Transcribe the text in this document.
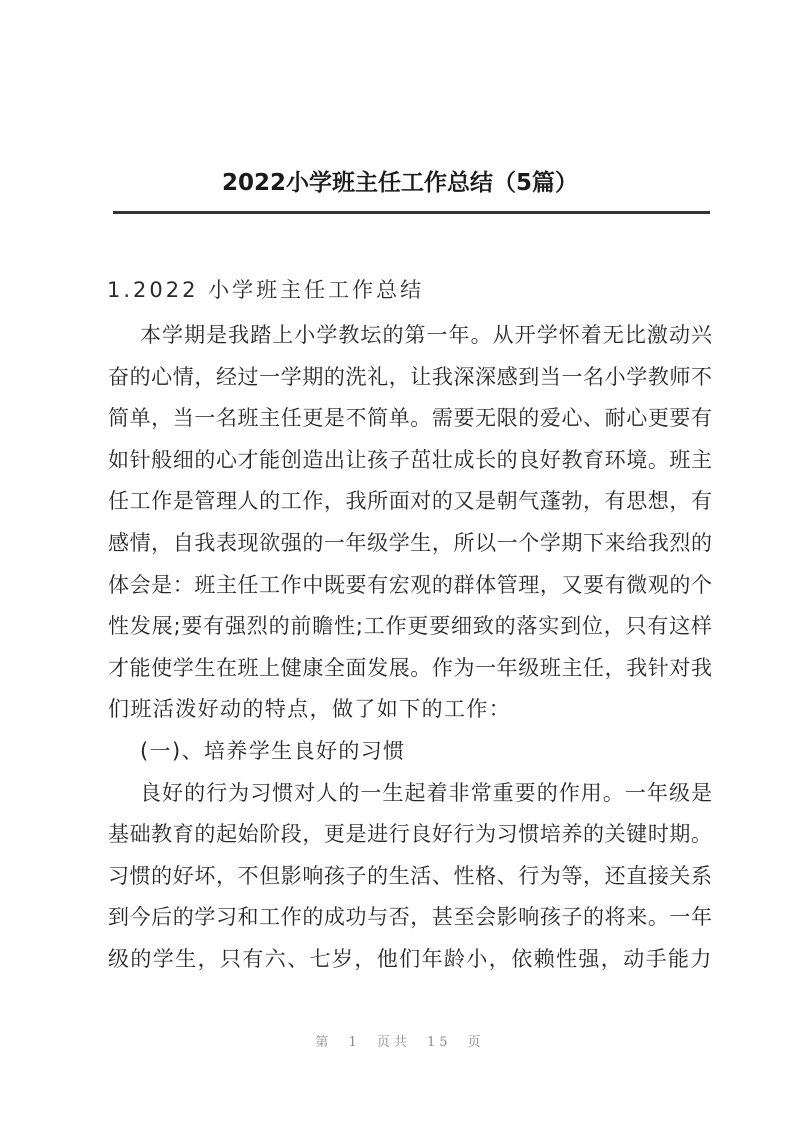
2022小学班主任工作总结（5篇）
1.2022 小学班主任工作总结
本学期是我踏上小学教坛的第一年。从开学怀着无比激动兴
奋的心情，经过一学期的洗礼，让我深深感到当一名小学教师不
简单，当一名班主任更是不简单。需要无限的爱心、耐心更要有
如针般细的心才能创造出让孩子茁壮成长的良好教育环境。班主
任工作是管理人的工作，我所面对的又是朝气蓬勃，有思想，有
感情，自我表现欲强的一年级学生，所以一个学期下来给我烈的
体会是：班主任工作中既要有宏观的群体管理，又要有微观的个
性发展;要有强烈的前瞻性;工作更要细致的落实到位，只有这样
才能使学生在班上健康全面发展。作为一年级班主任，我针对我
们班活泼好动的特点，做了如下的工作：
(一)、培养学生良好的习惯
良好的行为习惯对人的一生起着非常重要的作用。一年级是
基础教育的起始阶段，更是进行良好行为习惯培养的关键时期。
习惯的好坏，不但影响孩子的生活、性格、行为等，还直接关系
到今后的学习和工作的成功与否，甚至会影响孩子的将来。一年
级的学生，只有六、七岁，他们年龄小，依赖性强，动手能力
第 1 页共 15 页
